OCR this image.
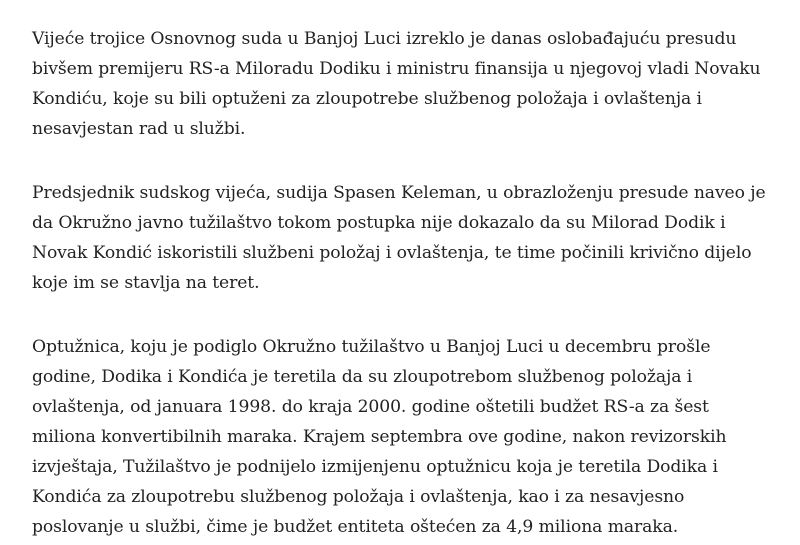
Vijeće trojice Osnovnog suda u Banjoj Luci izreklo je danas oslobađajuću presudu
bivšem premijeru RS-a Miloradu Dodiku i ministru finansija u njegovoj vladi Novaku
Kondiću, koje su bili optuženi za zloupotrebe službenog položaja i ovlaštenja i
nesavjestan rad u službi.

Predsjednik sudskog vijeća, sudija Spasen Keleman, u obrazloženju presude naveo je
da Okružno javno tužilaštvo tokom postupka nije dokazalo da su Milorad Dodik i
Novak Kondić iskoristili službeni položaj i ovlaštenja, te time počinili krivično dijelo
koje im se stavlja na teret.

Optužnica, koju je podiglo Okružno tužilaštvo u Banjoj Luci u decembru prošle
godine, Dodika i Kondića je teretila da su zloupotrebom službenog položaja i
ovlaštenja, od januara 1998. do kraja 2000. godine oštetili budžet RS-a za šest
miliona konvertibilnih maraka. Krajem septembra ove godine, nakon revizorskih
izvještaja, Tužilaštvo je podnijelo izmijenjenu optužnicu koja je teretila Dodika i
Kondića za zloupotrebu službenog položaja i ovlaštenja, kao i za nesavjesno
poslovanje u službi, čime je budžet entiteta oštećen za 4,9 miliona maraka.
